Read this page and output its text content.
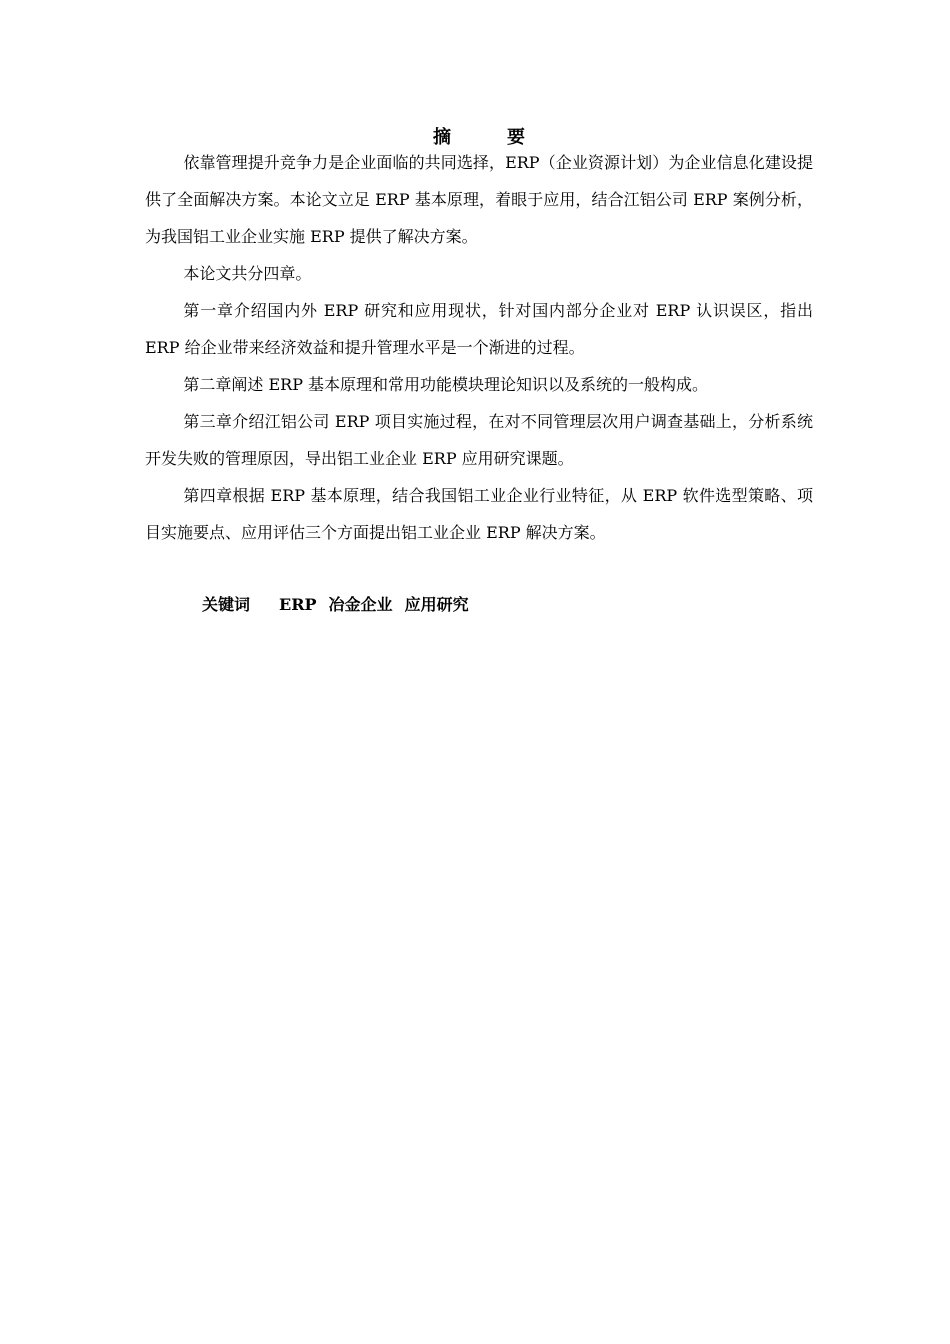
摘	要

依靠管理提升竞争力是企业面临的共同选择，ERP（企业资源计划）为企业信息化建设提供了全面解决方案。本论文立足 ERP 基本原理，着眼于应用，结合江铝公司 ERP 案例分析，为我国铝工业企业实施 ERP 提供了解决方案。

本论文共分四章。

第一章介绍国内外 ERP 研究和应用现状，针对国内部分企业对 ERP 认识误区，指出 ERP 给企业带来经济效益和提升管理水平是一个渐进的过程。

第二章阐述 ERP 基本原理和常用功能模块理论知识以及系统的一般构成。

第三章介绍江铝公司 ERP 项目实施过程，在对不同管理层次用户调查基础上，分析系统开发失败的管理原因，导出铝工业企业 ERP 应用研究课题。

第四章根据 ERP 基本原理，结合我国铝工业企业行业特征，从 ERP 软件选型策略、项目实施要点、应用评估三个方面提出铝工业企业 ERP 解决方案。

关键词 ERP 冶金企业 应用研究
